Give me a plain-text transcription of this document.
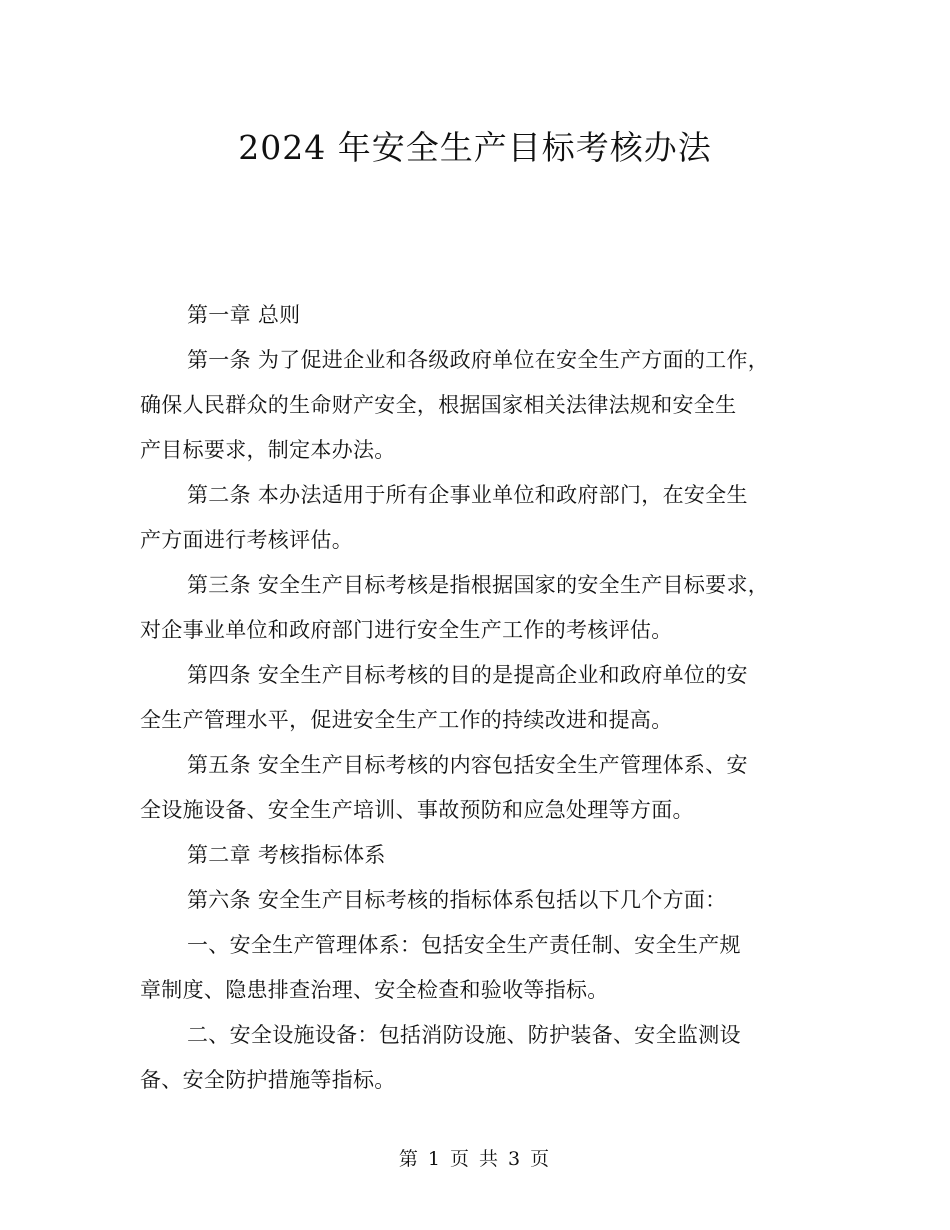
2024 年安全生产目标考核办法

第一章 总则

第一条 为了促进企业和各级政府单位在安全生产方面的工作，
确保人民群众的生命财产安全，根据国家相关法律法规和安全生
产目标要求，制定本办法。

第二条 本办法适用于所有企事业单位和政府部门，在安全生
产方面进行考核评估。

第三条 安全生产目标考核是指根据国家的安全生产目标要求，
对企事业单位和政府部门进行安全生产工作的考核评估。

第四条 安全生产目标考核的目的是提高企业和政府单位的安
全生产管理水平，促进安全生产工作的持续改进和提高。

第五条 安全生产目标考核的内容包括安全生产管理体系、安
全设施设备、安全生产培训、事故预防和应急处理等方面。

第二章 考核指标体系

第六条 安全生产目标考核的指标体系包括以下几个方面：

一、安全生产管理体系：包括安全生产责任制、安全生产规
章制度、隐患排查治理、安全检查和验收等指标。

二、安全设施设备：包括消防设施、防护装备、安全监测设
备、安全防护措施等指标。

第 1 页 共 3 页
